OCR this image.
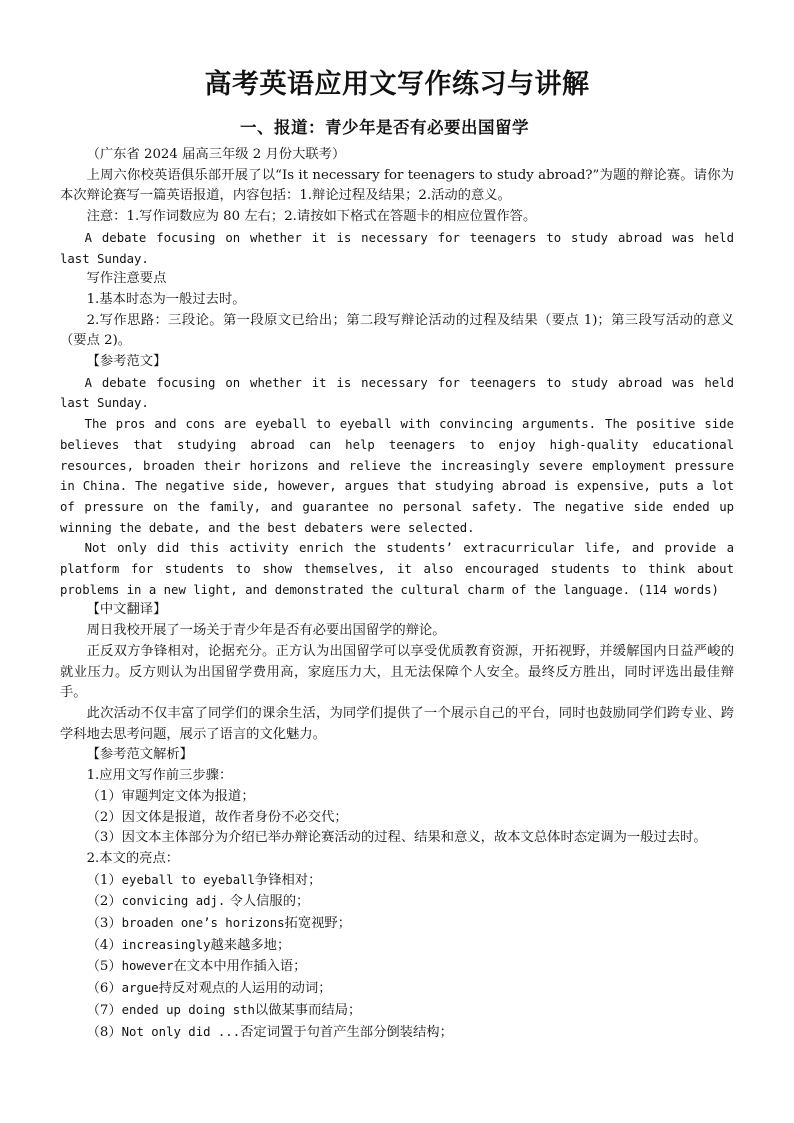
高考英语应用文写作练习与讲解
一、报道：青少年是否有必要出国留学

（广东省 2024 届高三年级 2 月份大联考）

上周六你校英语俱乐部开展了以“Is it necessary for teenagers to study abroad?”为题的辩论赛。请你为本次辩论赛写一篇英语报道，内容包括：1.辩论过程及结果；2.活动的意义。

注意：1.写作词数应为 80 左右；2.请按如下格式在答题卡的相应位置作答。

A debate focusing on whether it is necessary for teenagers to study abroad was held last Sunday.

写作注意要点

1.基本时态为一般过去时。

2.写作思路：三段论。第一段原文已给出；第二段写辩论活动的过程及结果（要点 1)；第三段写活动的意义（要点 2)。

【参考范文】

A debate focusing on whether it is necessary for teenagers to study abroad was held last Sunday.

The pros and cons are eyeball to eyeball with convincing arguments. The positive side believes that studying abroad can help teenagers to enjoy high-quality educational resources, broaden their horizons and relieve the increasingly severe employment pressure in China. The negative side, however, argues that studying abroad is expensive, puts a lot of pressure on the family, and guarantee no personal safety. The negative side ended up winning the debate, and the best debaters were selected.

Not only did this activity enrich the students’ extracurricular life, and provide a platform for students to show themselves, it also encouraged students to think about problems in a new light, and demonstrated the cultural charm of the language. (114 words)

【中文翻译】

周日我校开展了一场关于青少年是否有必要出国留学的辩论。

正反双方争锋相对，论据充分。正方认为出国留学可以享受优质教育资源，开拓视野，并缓解国内日益严峻的就业压力。反方则认为出国留学费用高，家庭压力大，且无法保障个人安全。最终反方胜出，同时评选出最佳辩手。

此次活动不仅丰富了同学们的课余生活，为同学们提供了一个展示自己的平台，同时也鼓励同学们跨专业、跨学科地去思考问题，展示了语言的文化魅力。

【参考范文解析】

1.应用文写作前三步骤：

（1）审题判定文体为报道；

（2）因文体是报道，故作者身份不必交代；

（3）因文本主体部分为介绍已举办辩论赛活动的过程、结果和意义，故本文总体时态定调为一般过去时。

2.本文的亮点：

（1）eyeball to eyeball争锋相对；

（2）convicing adj. 令人信服的；

（3）broaden one’s horizons拓宽视野；

（4）increasingly越来越多地；

（5）however在文本中用作插入语；

（6）argue持反对观点的人运用的动词；

（7）ended up doing sth以做某事而结局；

（8）Not only did ...否定词置于句首产生部分倒装结构；
